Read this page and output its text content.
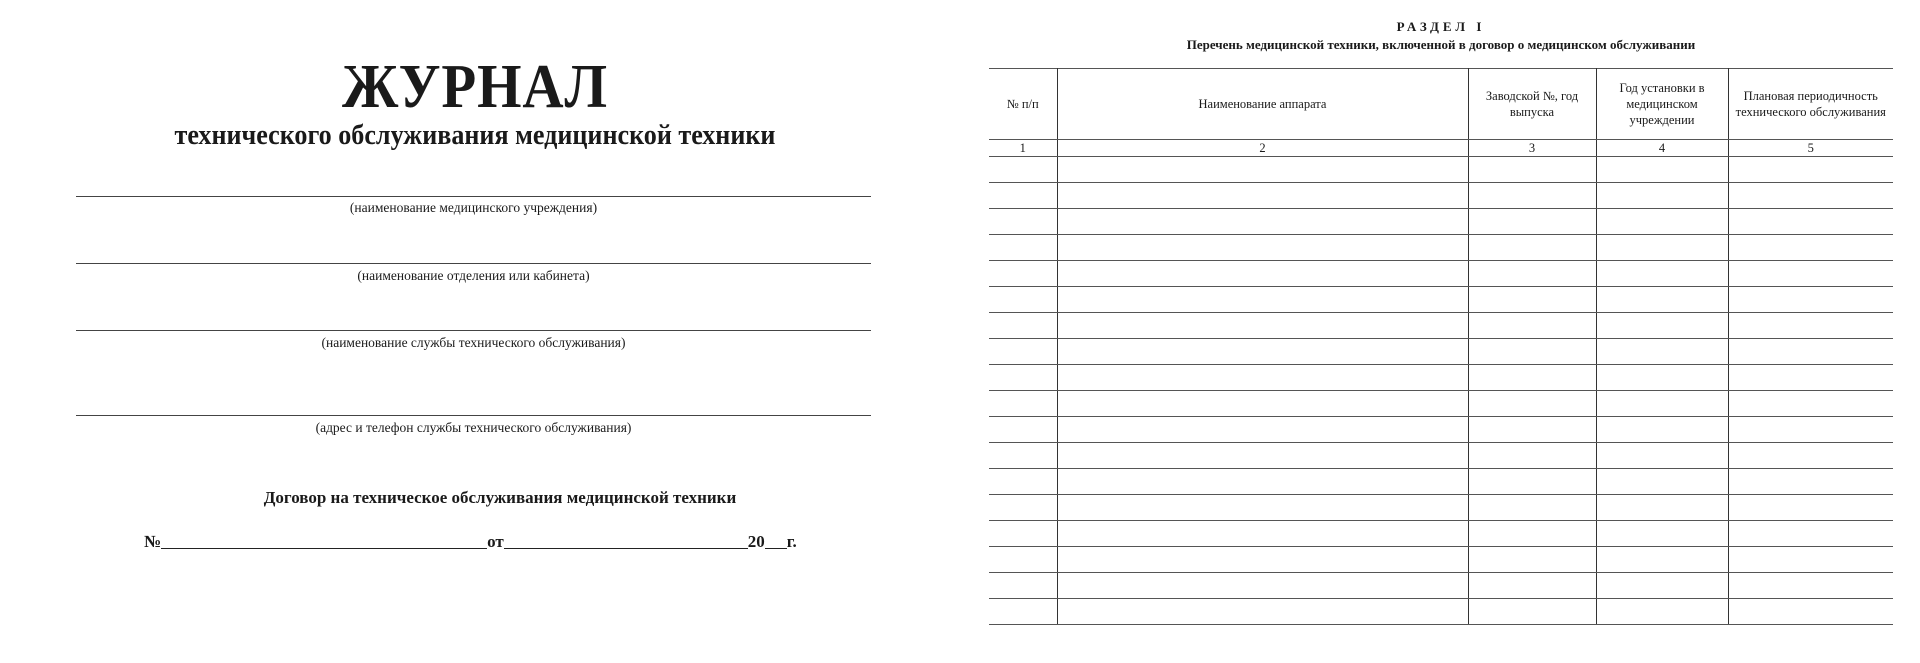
ЖУРНАЛ
технического обслуживания медицинской техники
(наименование медицинского учреждения)
(наименование отделения или кабинета)
(наименование службы технического обслуживания)
(адрес и телефон службы технического обслуживания)
Договор на техническое обслуживания медицинской техники
№	от	20 г.
РАЗДЕЛ I
Перечень медицинской техники, включенной в договор о медицинском обслуживании
№ п/п	Наименование аппарата	Заводской №, год выпуска	Год установки в медицинском учреждении	Плановая периодичность технического обслуживания
1	2	3	4	5
